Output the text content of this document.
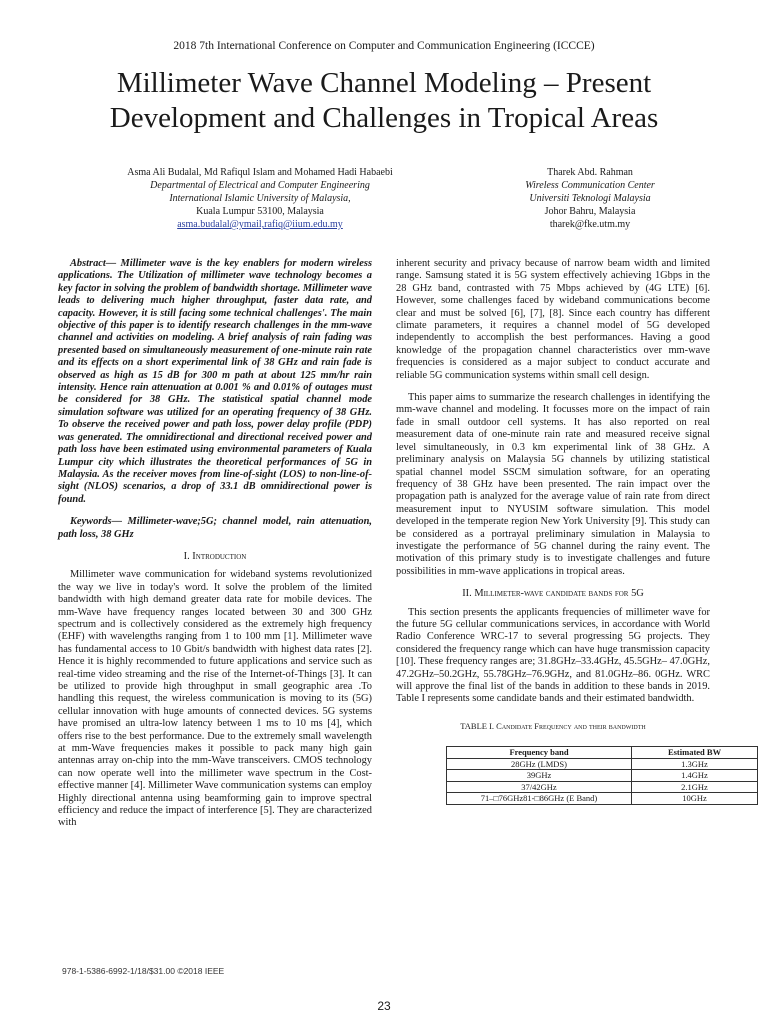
2018 7th International Conference on Computer and Communication Engineering (ICCCE)
Millimeter Wave Channel Modeling – Present
Development and Challenges in Tropical Areas
Asma Ali Budalal, Md Rafiqul Islam and Mohamed Hadi Habaebi
Departmental of Electrical and Computer Engineering
International Islamic University of Malaysia,
Kuala Lumpur 53100, Malaysia
asma.budalal@ymail,rafiq@iium.edu.my
Tharek Abd. Rahman
Wireless Communication Center
Universiti Teknologi Malaysia
Johor Bahru, Malaysia
tharek@fke.utm.my
Abstract— Millimeter wave is the key enablers for modern wireless applications. The Utilization of millimeter wave technology becomes a key factor in solving the problem of bandwidth shortage. Millimeter wave leads to delivering much higher throughput, faster data rate, and capacity. However, it is still facing some technical challenges'. The main objective of this paper is to identify research challenges in the mm-wave channel and activities on modeling. A brief analysis of rain fading was presented based on simultaneously measurement of one-minute rain rate and its effects on a short experimental link of 38 GHz and rain fade is observed as high as 15 dB for 300 m path at about 125 mm/hr rain intensity. Hence rain attenuation at 0.001 % and 0.01% of outages must be considered for 38 GHz. The statistical spatial channel mode simulation software was utilized for an operating frequency of 38 GHz. To observe the received power and path loss, power delay profile (PDP) was generated. The omnidirectional and directional received power and path loss have been estimated using environmental parameters of Kuala Lumpur city which illustrates the theoretical performances of 5G in Malaysia. As the receiver moves from line-of-sight (LOS) to non-line-of-sight (NLOS) scenarios, a drop of 33.1 dB omnidirectional power is found.
Keywords— Millimeter-wave;5G; channel model, rain attenuation, path loss, 38 GHz
I. Introduction

Millimeter wave communication for wideband systems revolutionized the way we live in today's word. It solve the problem of the limited bandwidth with high demand greater data rate for mobile devices. The mm-Wave have frequency ranges located between 30 and 300 GHz spectrum and is collectively considered as the extremely high frequency (EHF) with wavelengths ranging from 1 to 100 mm [1]. Millimeter wave has fundamental access to 10 Gbit/s bandwidth with highest data rates [2]. Hence it is highly recommended to future applications and service such as real-time video streaming and the rise of the Internet-of-Things [3]. It can be utilized to provide high throughput in small geographic area .To handling this request, the wireless communication is moving to its (5G) cellular innovation with huge amounts of connected devices. 5G systems have promised an ultra-low latency between 1 ms to 10 ms [4], which offers rise to the best performance. Due to the extremely small wavelength at mm-Wave frequencies makes it possible to pack many high gain antennas array on-chip into the mm-Wave transceivers. CMOS technology can now operate well into the millimeter wave spectrum in the Cost-effective manner [4]. Millimeter Wave communication systems can employ Highly directional antenna using beamforming gain to improve spectral efficiency and reduce the impact of interference [5]. They are characterized with

inherent security and privacy because of narrow beam width and limited range. Samsung stated it is 5G system effectively achieving 1Gbps in the 28 GHz band, contrasted with 75 Mbps achieved by (4G LTE) [6]. However, some challenges faced by wideband communications become clear and must be solved [6], [7], [8]. Since each country has different climate parameters, it requires a channel model of 5G developed independently to accomplish the best performances. Having a good knowledge of the propagation channel characteristics over mm-wave frequencies is considered as a major subject to conduct accurate and reliable 5G communication systems within small cell design.

This paper aims to summarize the research challenges in identifying the mm-wave channel and modeling. It focusses more on the impact of rain fade in small outdoor cell systems. It has also reported on real measurement data of one-minute rain rate and measured receive signal level simultaneously, in 0.3 km experimental link of 38 GHz. A preliminary analysis on Malaysia 5G channels by utilizing statistical spatial channel model SSCM simulation software, for an operating frequency of 38 GHz have been presented. The rain impact over the propagation path is analyzed for the average value of rain rate from direct measurement input to NYUSIM software simulation. This model developed in the temperate region New York University [9]. This study can be considered as a portrayal preliminary simulation in Malaysia to investigate the performance of 5G channel during the rainy event. The motivation of this primary study is to investigate challenges and future possibilities in mm-wave applications in tropical areas.

II. Millimeter-wave candidate bands for 5G

This section presents the applicants frequencies of millimeter wave for the future 5G cellular communications services, in accordance with World Radio Conference WRC-17 to several progressing 5G projects. They considered the frequency range which can have huge transmission capacity [10]. These frequency ranges are; 31.8GHz–33.4GHz, 45.5GHz– 47.0GHz, 47.2GHz–50.2GHz, 55.78GHz–76.9GHz, and 81.0GHz–86. 0GHz. WRC will approve the final list of the bands in addition to these bands in 2019. Table I represents some candidate bands and their estimated bandwidth.

TABLE I. Candidate Frequency and their bandwidth
Frequency band	Estimated BW
28GHz (LMDS)	1.3GHz
39GHz	1.4GHz
37/42GHz	2.1GHz
71–□76GHz81-□86GHz (E Band)	10GHz
978-1-5386-6992-1/18/$31.00 ©2018 IEEE
23
